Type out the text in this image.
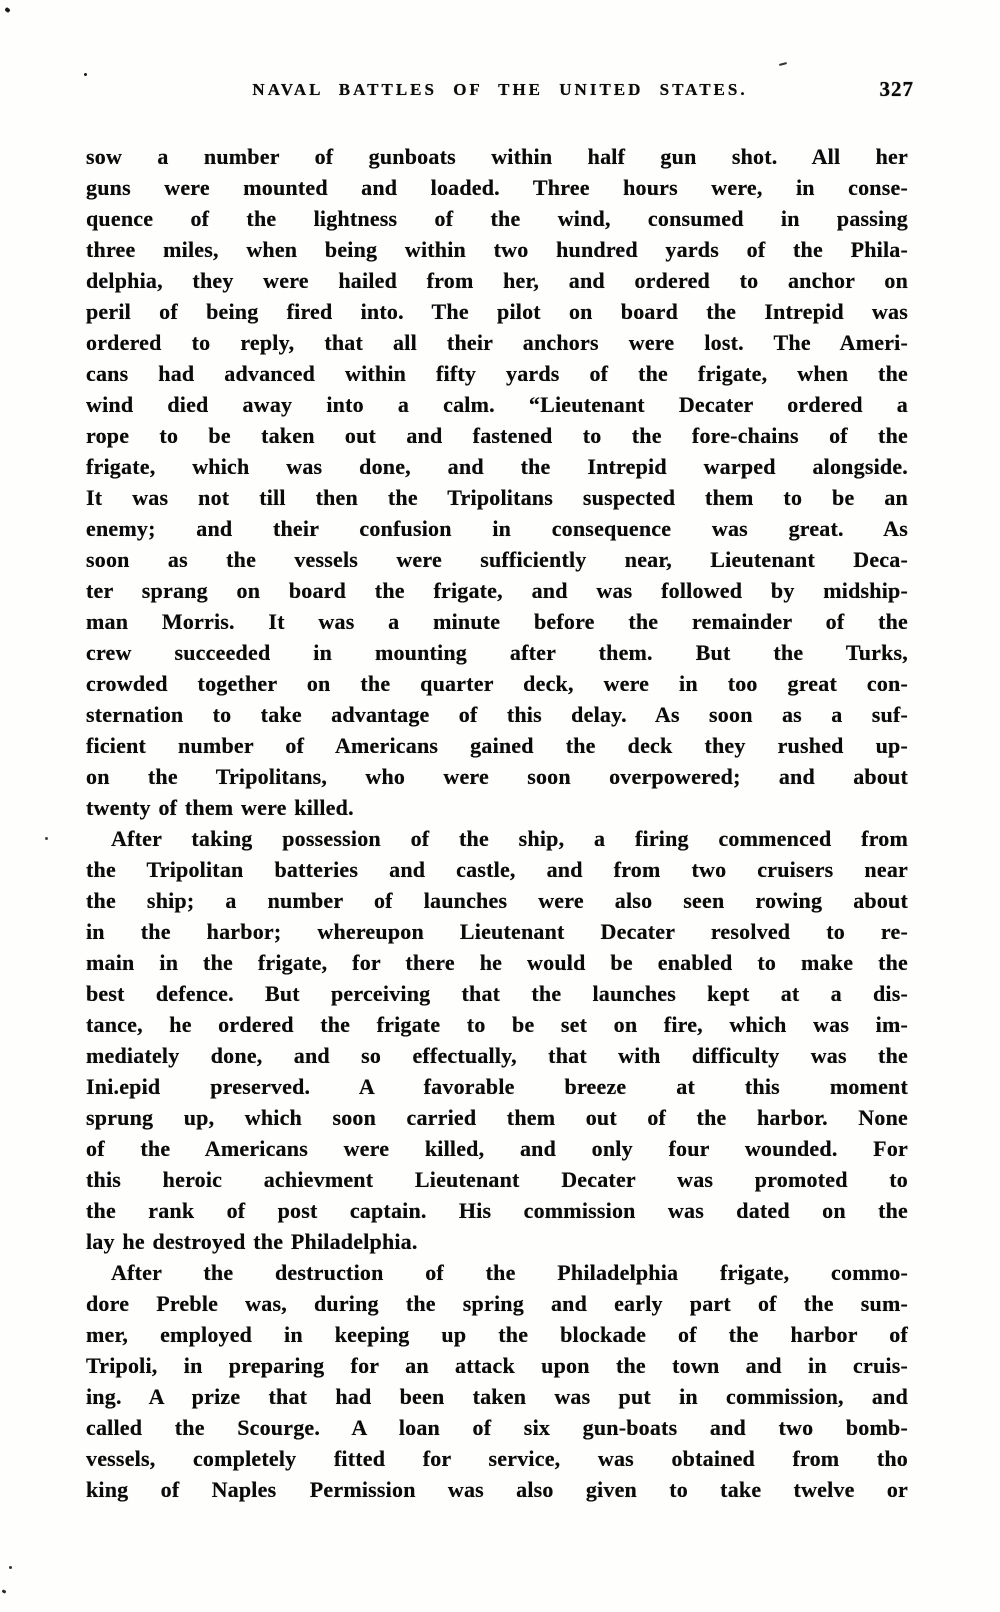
NAVAL BATTLES OF THE UNITED STATES.	327
sow a number of gunboats within half gun shot. All her
guns were mounted and loaded. Three hours were, in conse-
quence of the lightness of the wind, consumed in passing
three miles, when being within two hundred yards of the Phila-
delphia, they were hailed from her, and ordered to anchor on
peril of being fired into. The pilot on board the Intrepid was
ordered to reply, that all their anchors were lost. The Ameri-
cans had advanced within fifty yards of the frigate, when the
wind died away into a calm. “Lieutenant Decater ordered a
rope to be taken out and fastened to the fore-chains of the
frigate, which was done, and the Intrepid warped alongside.
It was not till then the Tripolitans suspected them to be an
enemy; and their confusion in consequence was great. As
soon as the vessels were sufficiently near, Lieutenant Deca-
ter sprang on board the frigate, and was followed by midship-
man Morris. It was a minute before the remainder of the
crew succeeded in mounting after them. But the Turks,
crowded together on the quarter deck, were in too great con-
sternation to take advantage of this delay. As soon as a suf-
ficient number of Americans gained the deck they rushed up-
on the Tripolitans, who were soon overpowered; and about
twenty of them were killed.
After taking possession of the ship, a firing commenced from
the Tripolitan batteries and castle, and from two cruisers near
the ship; a number of launches were also seen rowing about
in the harbor; whereupon Lieutenant Decater resolved to re-
main in the frigate, for there he would be enabled to make the
best defence. But perceiving that the launches kept at a dis-
tance, he ordered the frigate to be set on fire, which was im-
mediately done, and so effectually, that with difficulty was the
Ini.epid preserved. A favorable breeze at this moment
sprung up, which soon carried them out of the harbor. None
of the Americans were killed, and only four wounded. For
this heroic achievment Lieutenant Decater was promoted to
the rank of post captain. His commission was dated on the
lay he destroyed the Philadelphia.
After the destruction of the Philadelphia frigate, commo-
dore Preble was, during the spring and early part of the sum-
mer, employed in keeping up the blockade of the harbor of
Tripoli, in preparing for an attack upon the town and in cruis-
ing. A prize that had been taken was put in commission, and
called the Scourge. A loan of six gun-boats and two bomb-
vessels, completely fitted for service, was obtained from tho
king of Naples  Permission was also given to take twelve or
